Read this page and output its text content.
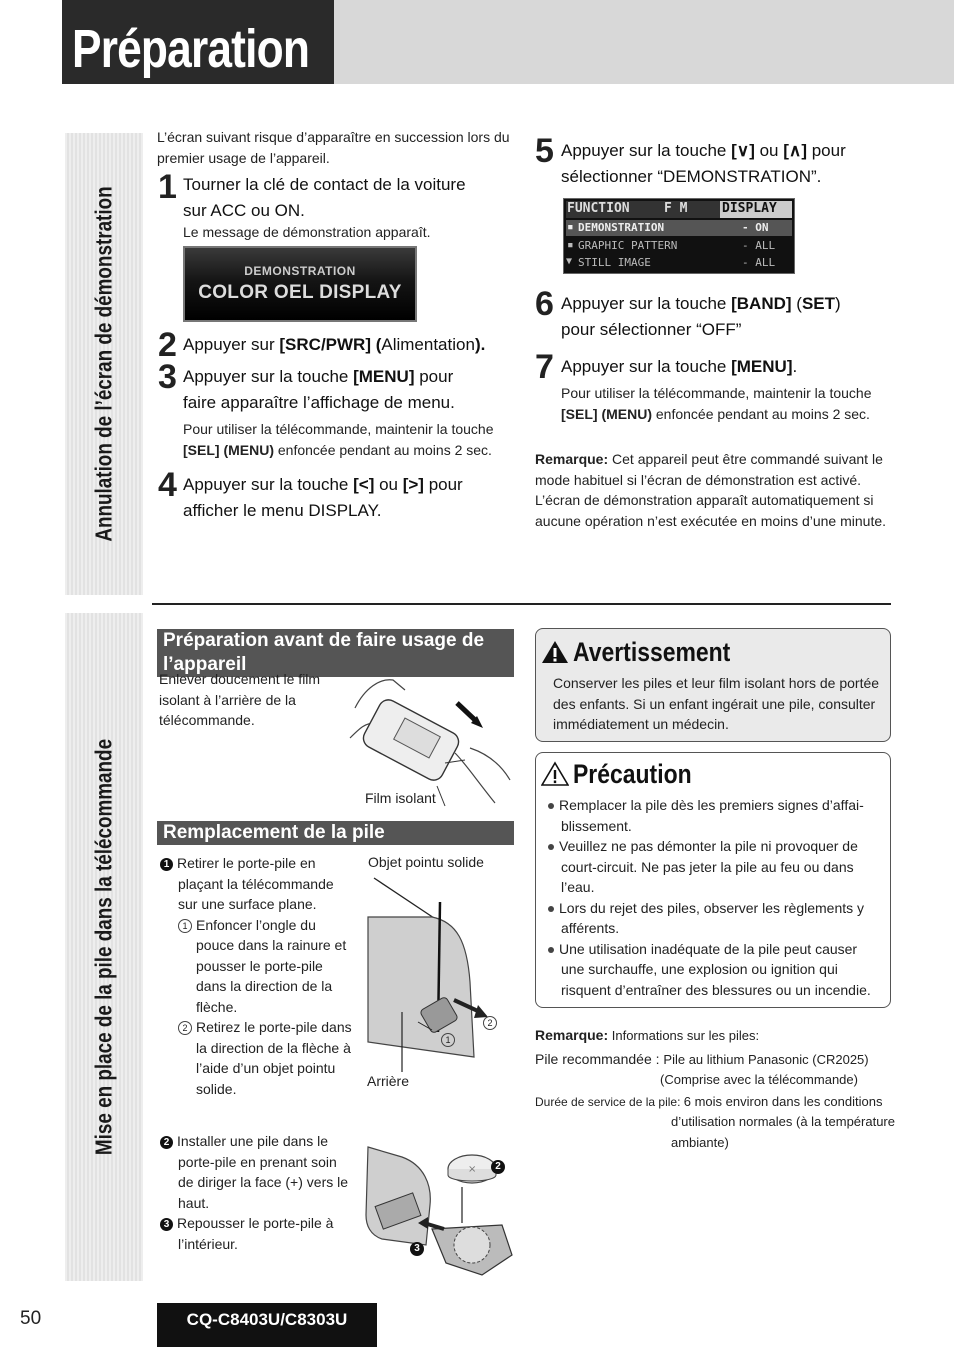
Préparation
Annulation de l’écran de démonstration
Mise en place de la pile dans la télécommande
L’écran suivant risque d’apparaître en succession lors du
premier usage de l’appareil.
1 Tourner la clé de contact de la voiture
sur ACC ou ON.
Le message de démonstration apparaît.
DEMONSTRATION
COLOR OEL DISPLAY
2 Appuyer sur [SRC/PWR] (Alimentation).
3 Appuyer sur la touche [MENU] pour
faire apparaître l’affichage de menu.
Pour utiliser la télécommande, maintenir la touche
[SEL] (MENU) enfoncée pendant au moins 2 sec.
4 Appuyer sur la touche [<] ou [>] pour
afficher le menu DISPLAY.
5 Appuyer sur la touche [∨] ou [∧] pour
sélectionner “DEMONSTRATION”.
FUNCTION	F M	DISPLAY
▪ DEMONSTRATION	- ON
▪ GRAPHIC PATTERN	- ALL
▼ STILL IMAGE	- ALL
6 Appuyer sur la touche [BAND] (SET)
pour sélectionner “OFF”
7 Appuyer sur la touche [MENU].
Pour utiliser la télécommande, maintenir la touche
[SEL] (MENU) enfoncée pendant au moins 2 sec.
Remarque: Cet appareil peut être commandé suivant le
mode habituel si l’écran de démonstration est activé.
L’écran de démonstration apparaît automatiquement si
aucune opération n’est exécutée en moins d’une minute.
Préparation avant de faire usage de l’appareil
Enlever doucement le film
isolant à l’arrière de la
télécommande.
Film isolant
Remplacement de la pile
1 Retirer le porte-pile en
plaçant la télécommande
sur une surface plane.
1 Enfoncer l’ongle du
pouce dans la rainure et
pousser le porte-pile
dans la direction de la
flèche.
2 Retirez le porte-pile dans
la direction de la flèche à
l’aide d’un objet pointu
solide.
Objet pointu solide
1
2
Arrière
2 Installer une pile dans le
porte-pile en prenant soin
de diriger la face (+) vers le
haut.
3 Repousser le porte-pile à
l’intérieur.
×	2
3
Avertissement
Conserver les piles et leur film isolant hors de portée
des enfants. Si un enfant ingérait une pile, consulter
immédiatement un médecin.
Précaution
Remplacer la pile dès les premiers signes d’affai-
blissement.
Veuillez ne pas démonter la pile ni provoquer de
court-circuit. Ne pas jeter la pile au feu ou dans
l’eau.
Lors du rejet des piles, observer les règlements y
afférents.
Une utilisation inadéquate de la pile peut causer
une surchauffe, une explosion ou ignition qui
risquent d’entraîner des blessures ou un incendie.
Remarque: Informations sur les piles:
Pile recommandée : Pile au lithium Panasonic (CR2025)
(Comprise avec la télécommande)
Durée de service de la pile: 6 mois environ dans les conditions
d’utilisation normales (à la température
ambiante)
50	CQ-C8403U/C8303U
